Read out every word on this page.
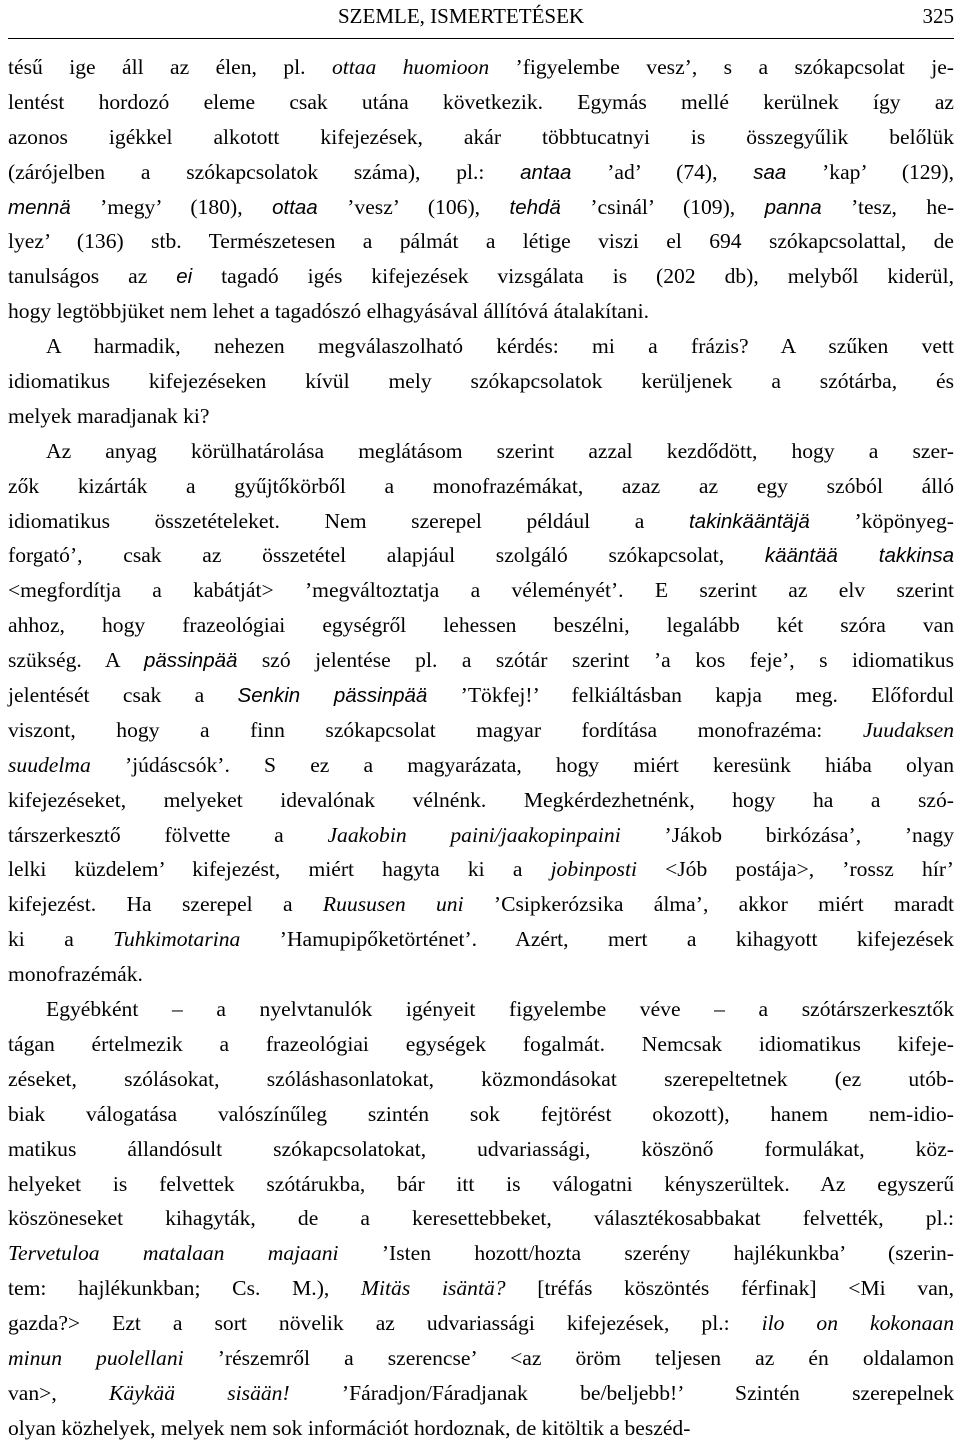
SZEMLE, ISMERTETÉSEK	325
tésű ige áll az élen, pl. ottaa huomioon ’figyelembe vesz’, s a szókapcsolat je-
lentést hordozó eleme csak utána következik. Egymás mellé kerülnek így az
azonos igékkel alkotott kifejezések, akár többtucatnyi is összegyűlik belőlük
(zárójelben a szókapcsolatok száma), pl.: antaa ’ad’ (74), saa ’kap’ (129),
mennä ’megy’ (180), ottaa ’vesz’ (106), tehdä ’csinál’ (109), panna ’tesz, he-
lyez’ (136) stb. Természetesen a pálmát a létige viszi el 694 szókapcsolattal, de
tanulságos az ei tagadó igés kifejezések vizsgálata is (202 db), melyből kiderül,
hogy legtöbbjüket nem lehet a tagadószó elhagyásával állítóvá átalakítani.
A harmadik, nehezen megválaszolható kérdés: mi a frázis? A szűken vett
idiomatikus kifejezéseken kívül mely szókapcsolatok kerüljenek a szótárba, és
melyek maradjanak ki?
Az anyag körülhatárolása meglátásom szerint azzal kezdődött, hogy a szer-
zők kizárták a gyűjtőkörből a monofrazémákat, azaz az egy szóból álló
idiomatikus összetételeket. Nem szerepel például a takinkääntäjä ’köpönyeg-
forgató’, csak az összetétel alapjául szolgáló szókapcsolat, kääntää takkinsa
<megfordítja a kabátját> ’megváltoztatja a véleményét’. E szerint az elv szerint
ahhoz, hogy frazeológiai egységről lehessen beszélni, legalább két szóra van
szükség. A pässinpää szó jelentése pl. a szótár szerint ’a kos feje’, s idiomatikus
jelentését csak a Senkin pässinpää ’Tökfej!’ felkiáltásban kapja meg. Előfordul
viszont, hogy a finn szókapcsolat magyar fordítása monofrazéma: Juudaksen
suudelma ’júdáscsók’. S ez a magyarázata, hogy miért keresünk hiába olyan
kifejezéseket, melyeket idevalónak vélnénk. Megkérdezhetnénk, hogy ha a szó-
társzerkesztő fölvette a Jaakobin paini/jaakopinpaini ’Jákob birkózása’, ’nagy
lelki küzdelem’ kifejezést, miért hagyta ki a jobinposti <Jób postája>, ’rossz hír’
kifejezést. Ha szerepel a Ruususen uni ’Csipkerózsika álma’, akkor miért maradt
ki a Tuhkimotarina ’Hamupipőketörténet’. Azért, mert a kihagyott kifejezések
monofrazémák.
Egyébként – a nyelvtanulók igényeit figyelembe véve – a szótárszerkesztők
tágan értelmezik a frazeológiai egységek fogalmát. Nemcsak idiomatikus kifeje-
zéseket, szólásokat, szóláshasonlatokat, közmondásokat szerepeltetnek (ez utób-
biak válogatása valószínűleg szintén sok fejtörést okozott), hanem nem-idio-
matikus állandósult szókapcsolatokat, udvariassági, köszönő formulákat, köz-
helyeket is felvettek szótárukba, bár itt is válogatni kényszerültek. Az egyszerű
köszöneseket kihagyták, de a keresettebbeket, választékosabbakat felvették, pl.:
Tervetuloa matalaan majaani ’Isten hozott/hozta szerény hajlékunkba’ (szerin-
tem: hajlékunkban; Cs. M.), Mitäs isäntä? [tréfás köszöntés férfinak] <Mi van,
gazda?> Ezt a sort növelik az udvariassági kifejezések, pl.: ilo on kokonaan
minun puolellani ’részemről a szerencse’ <az öröm teljesen az én oldalamon
van>, Käykää sisään! ’Fáradjon/Fáradjanak be/beljebb!’ Szintén szerepelnek
olyan közhelyek, melyek nem sok információt hordoznak, de kitöltik a beszéd-
